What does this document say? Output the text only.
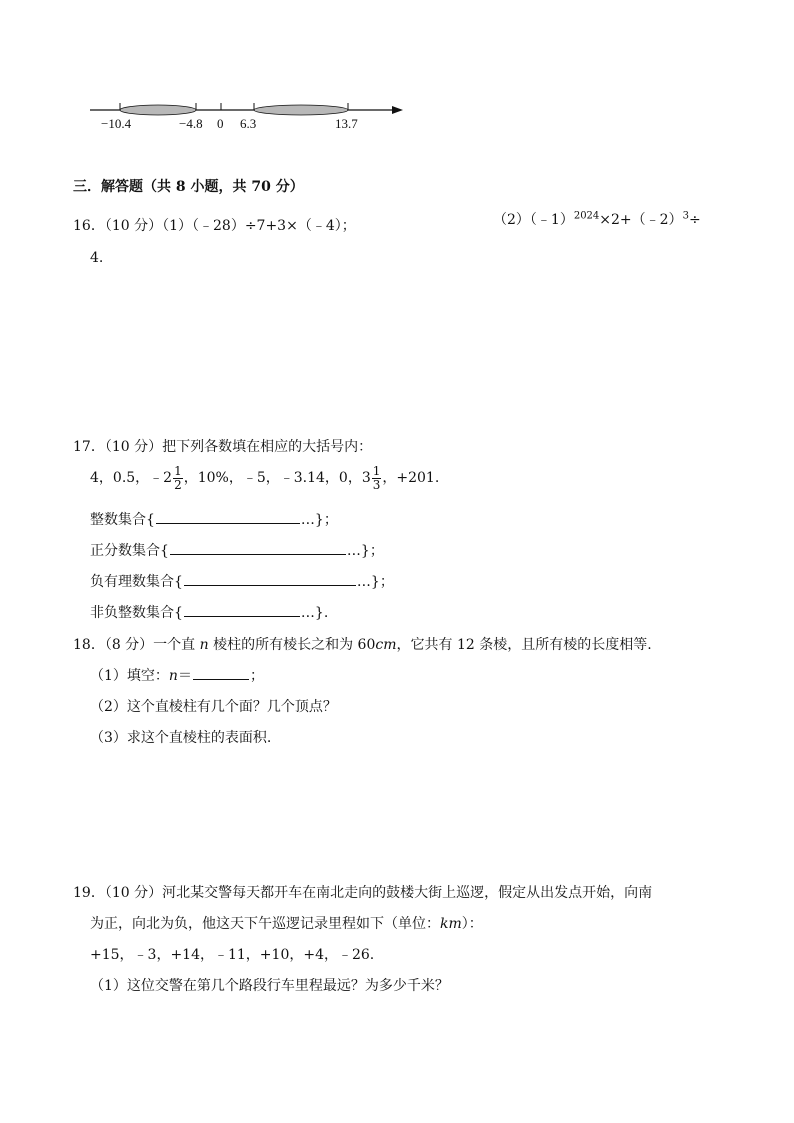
−10.4	−4.8 0 6.3	13.7
三．解答题（共 8 小题，共 70 分）
16．（10 分）（1）（﹣28）÷7+3×（﹣4）；	（2）（﹣1）$^{2024}$×2+（﹣2）$^3$÷
4.
17．（10 分）把下列各数填在相应的大括号内：
4，0.5，﹣2 $\frac{1}{2}$ ，10%，﹣5，﹣3.14，0，$3 \frac{1}{3}$ ，+201.
整数集合{	…}；
正分数集合{	…}；
负有理数集合{	…}；
非负整数集合{	…}.
18．（8 分）一个直 n 棱柱的所有棱长之和为 60cm，它共有 12 条棱，且所有棱的长度相等.
（1）填空：n＝	；
（2）这个直棱柱有几个面？几个顶点？
（3）求这个直棱柱的表面积.
19．（10 分）河北某交警每天都开车在南北走向的鼓楼大街上巡逻，假定从出发点开始，向南
为正，向北为负，他这天下午巡逻记录里程如下（单位：km）：
+15，﹣3，+14，﹣11，+10，+4，﹣26.
（1）这位交警在第几个路段行车里程最远？为多少千米？
